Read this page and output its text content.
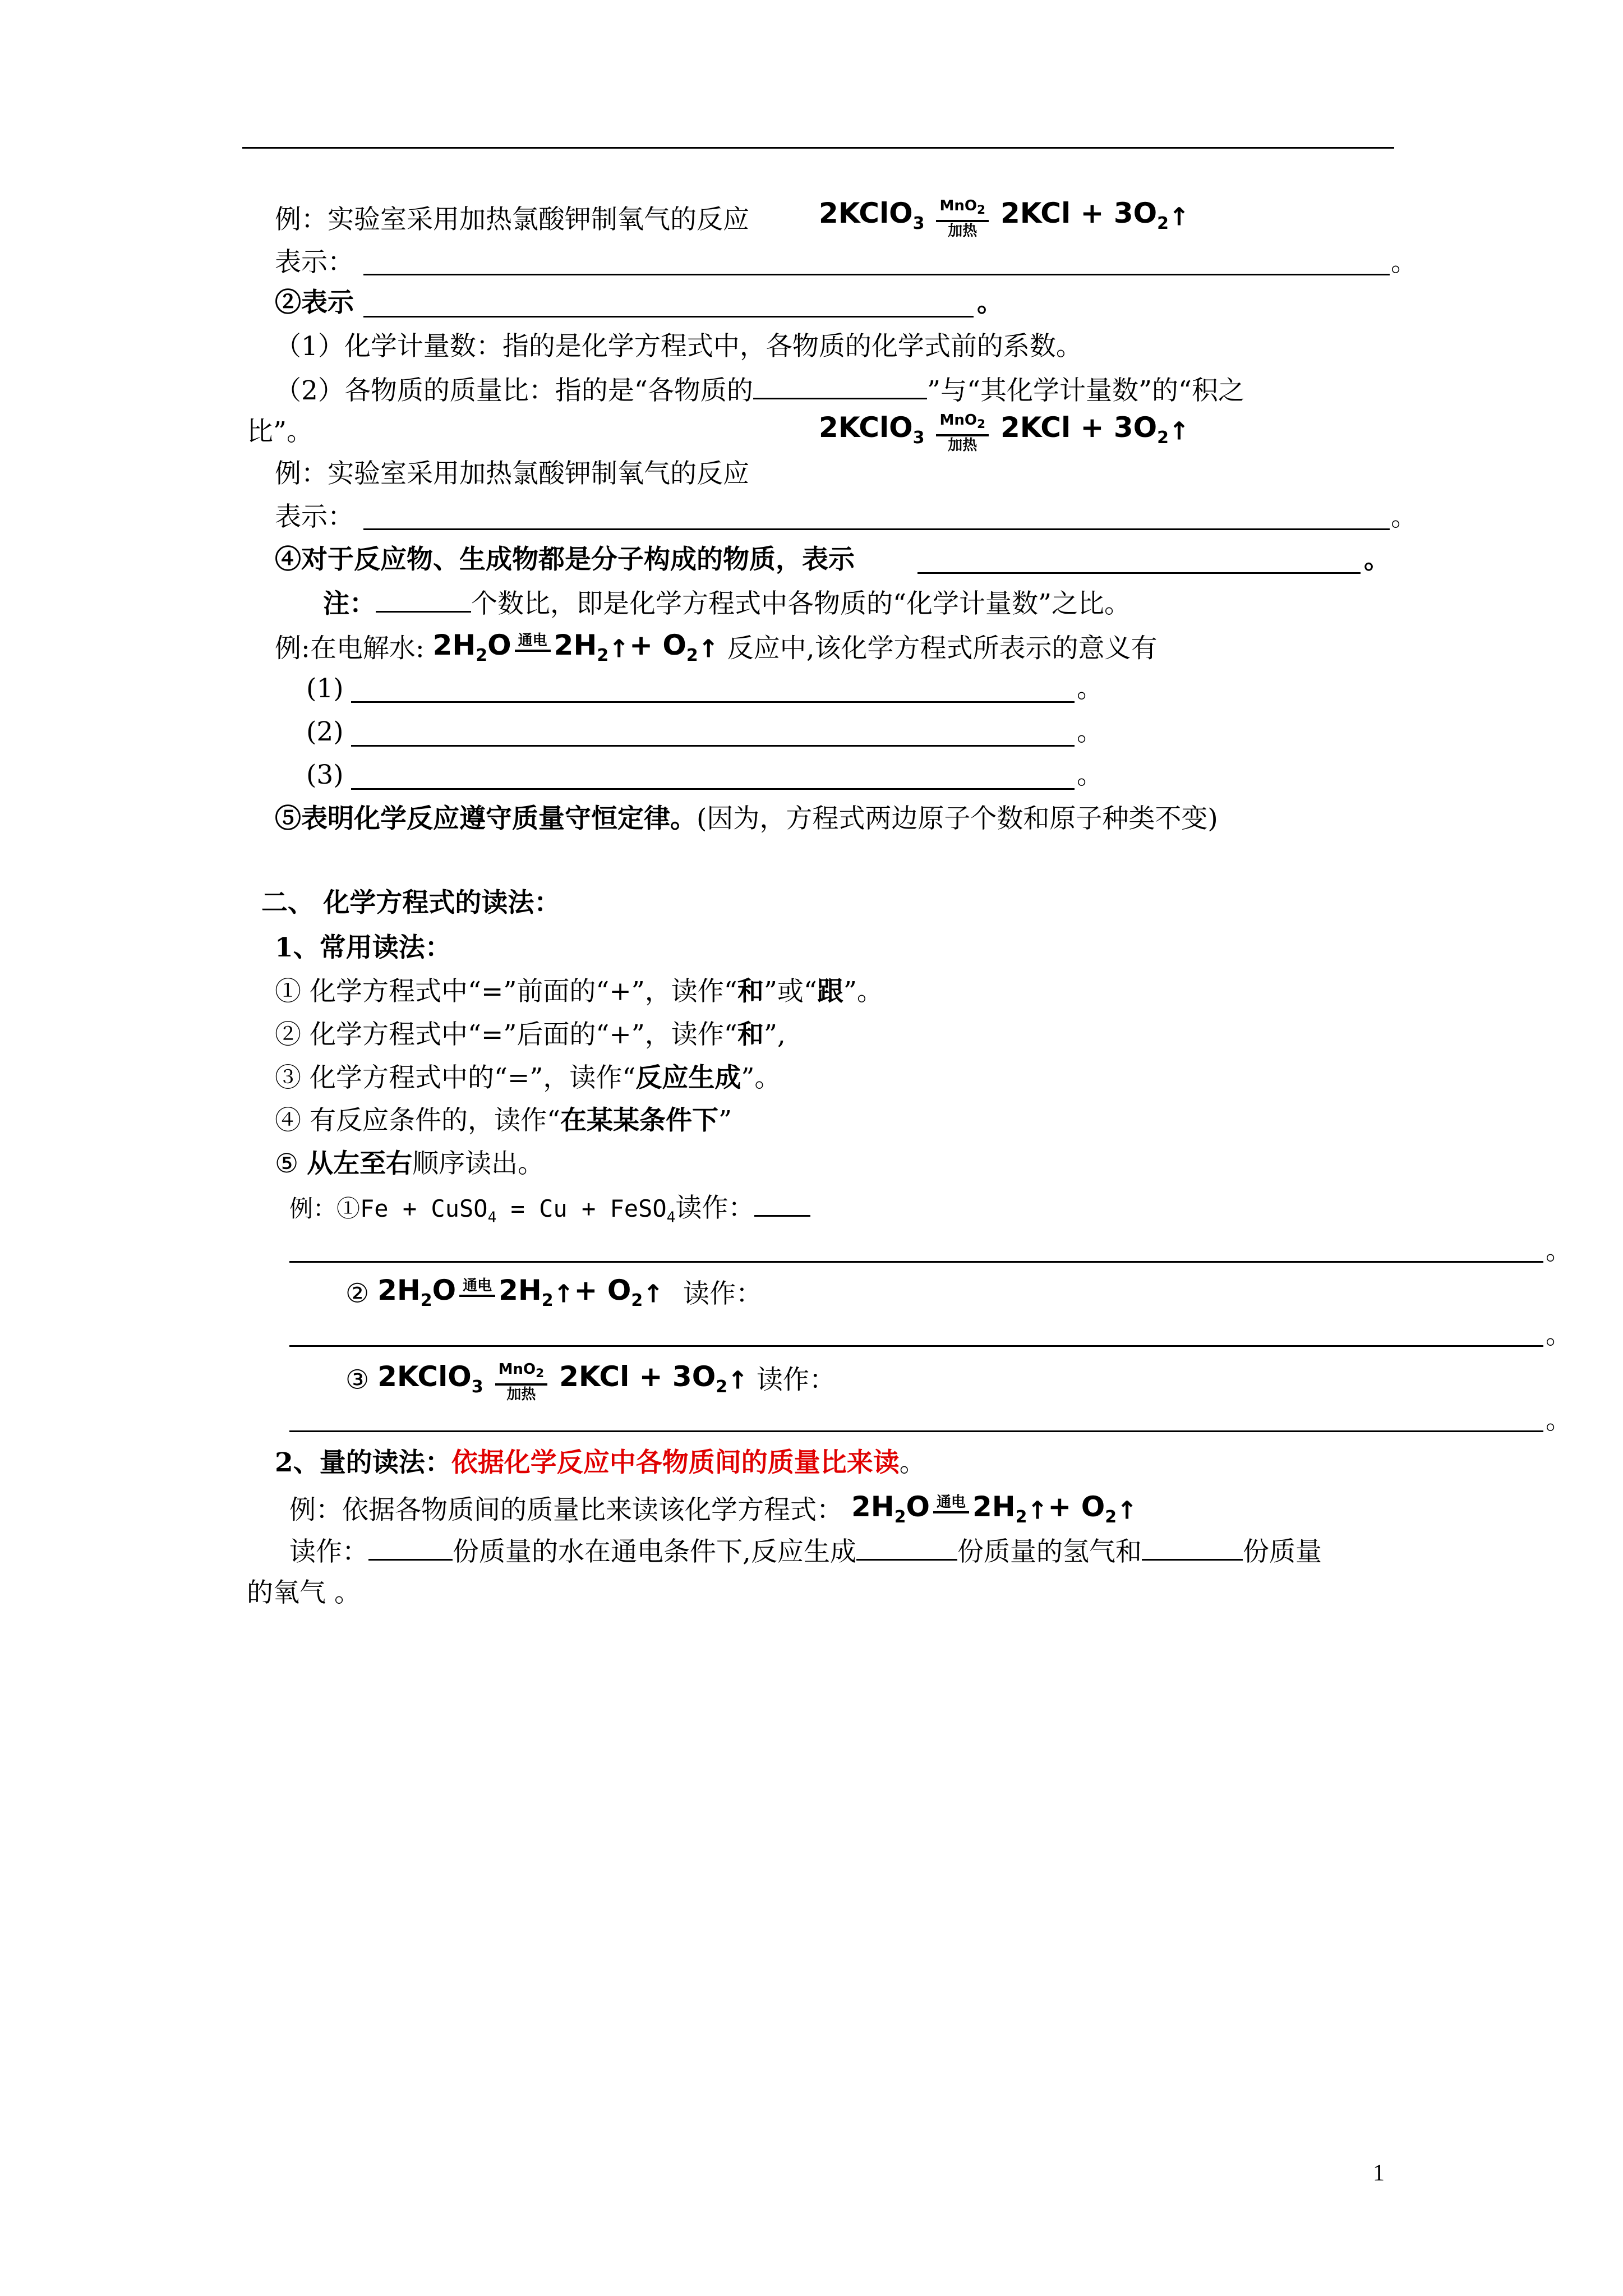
例：实验室采用加热氯酸钾制氧气的反应 2KClO$_3$
MnO$_2$
加热
$2KCl + 3O_2↑$
表示：	。
②表示	。
（1）化学计量数：指的是化学方程式中，各物质的化学式前的系数。
（2）各物质的质量比：指的是“各物质的	”与“其化学计量数”的“积之
比”。	2KClO$_3$
MnO$_2$
加热
$2KCl + 3O_2↑$
例：实验室采用加热氯酸钾制氧气的反应
表示：	。
④对于反应物、生成物都是分子构成的物质，表示	。
注：	个数比，即是化学方程式中各物质的“化学计量数”之比。
例:在电解水: $2H_2O$ 通电 $2H_2↑+$ $O_2↑$ 反应中,该化学方程式所表示的意义有
(1)	。
(2)	。
(3)	。
⑤表明化学反应遵守质量守恒定律。(因为，方程式两边原子个数和原子种类不变)
二、 化学方程式的读法：
1、常用读法：
① 化学方程式中“=”前面的“+”，读作“和”或“跟”。
② 化学方程式中“=”后面的“+”，读作“和”,
③ 化学方程式中的“=”，读作“反应生成”。
④ 有反应条件的，读作“在某某条件下”
⑤ 从左至右顺序读出。
例：①Fe + CuSO$_4$ = Cu + FeSO$_4$读作：
。
② $2H_2O$ 通电 $2H_2↑+$ $O_2↑$ 读作：
。
③ 2KClO$_3$
MnO$_2$
加热
$2KCl + 3O_2↑$ 读作：
。
2、量的读法：依据化学反应中各物质间的质量比来读。
例：依据各物质间的质量比来读该化学方程式： $2H_2O$ 通电 $2H_2↑+$ $O_2↑$
读作：	份质量的水在通电条件下,反应生成	份质量的氢气和	份质量
的氧气 。
1
